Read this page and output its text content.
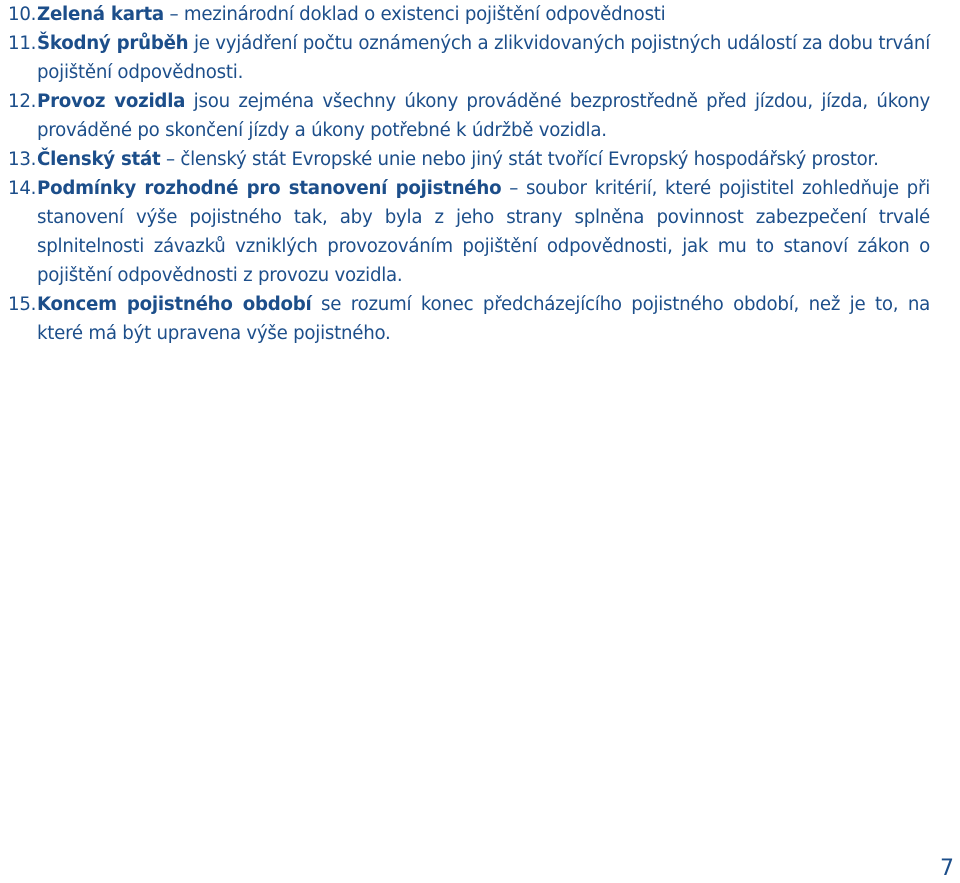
10. Zelená karta – mezinárodní doklad o existenci pojištění odpovědnosti
11. Škodný průběh je vyjádření počtu oznámených a zlikvidovaných pojistných událostí za dobu trvání pojištění odpovědnosti.
12. Provoz vozidla jsou zejména všechny úkony prováděné bezprostředně před jízdou, jízda, úkony prováděné po skončení jízdy a úkony potřebné k údržbě vozidla.
13. Členský stát – členský stát Evropské unie nebo jiný stát tvořící Evropský hospodářský prostor.
14. Podmínky rozhodné pro stanovení pojistného – soubor kritérií, které pojistitel zohledňuje při stanovení výše pojistného tak, aby byla z jeho strany splněna povinnost zabezpečení trvalé splnitelnosti závazků vzniklých provozováním pojištění odpovědnosti, jak mu to stanoví zákon o pojištění odpovědnosti z provozu vozidla.
15. Koncem pojistného období se rozumí konec předcházejícího pojistného období, než je to, na které má být upravena výše pojistného.
7
